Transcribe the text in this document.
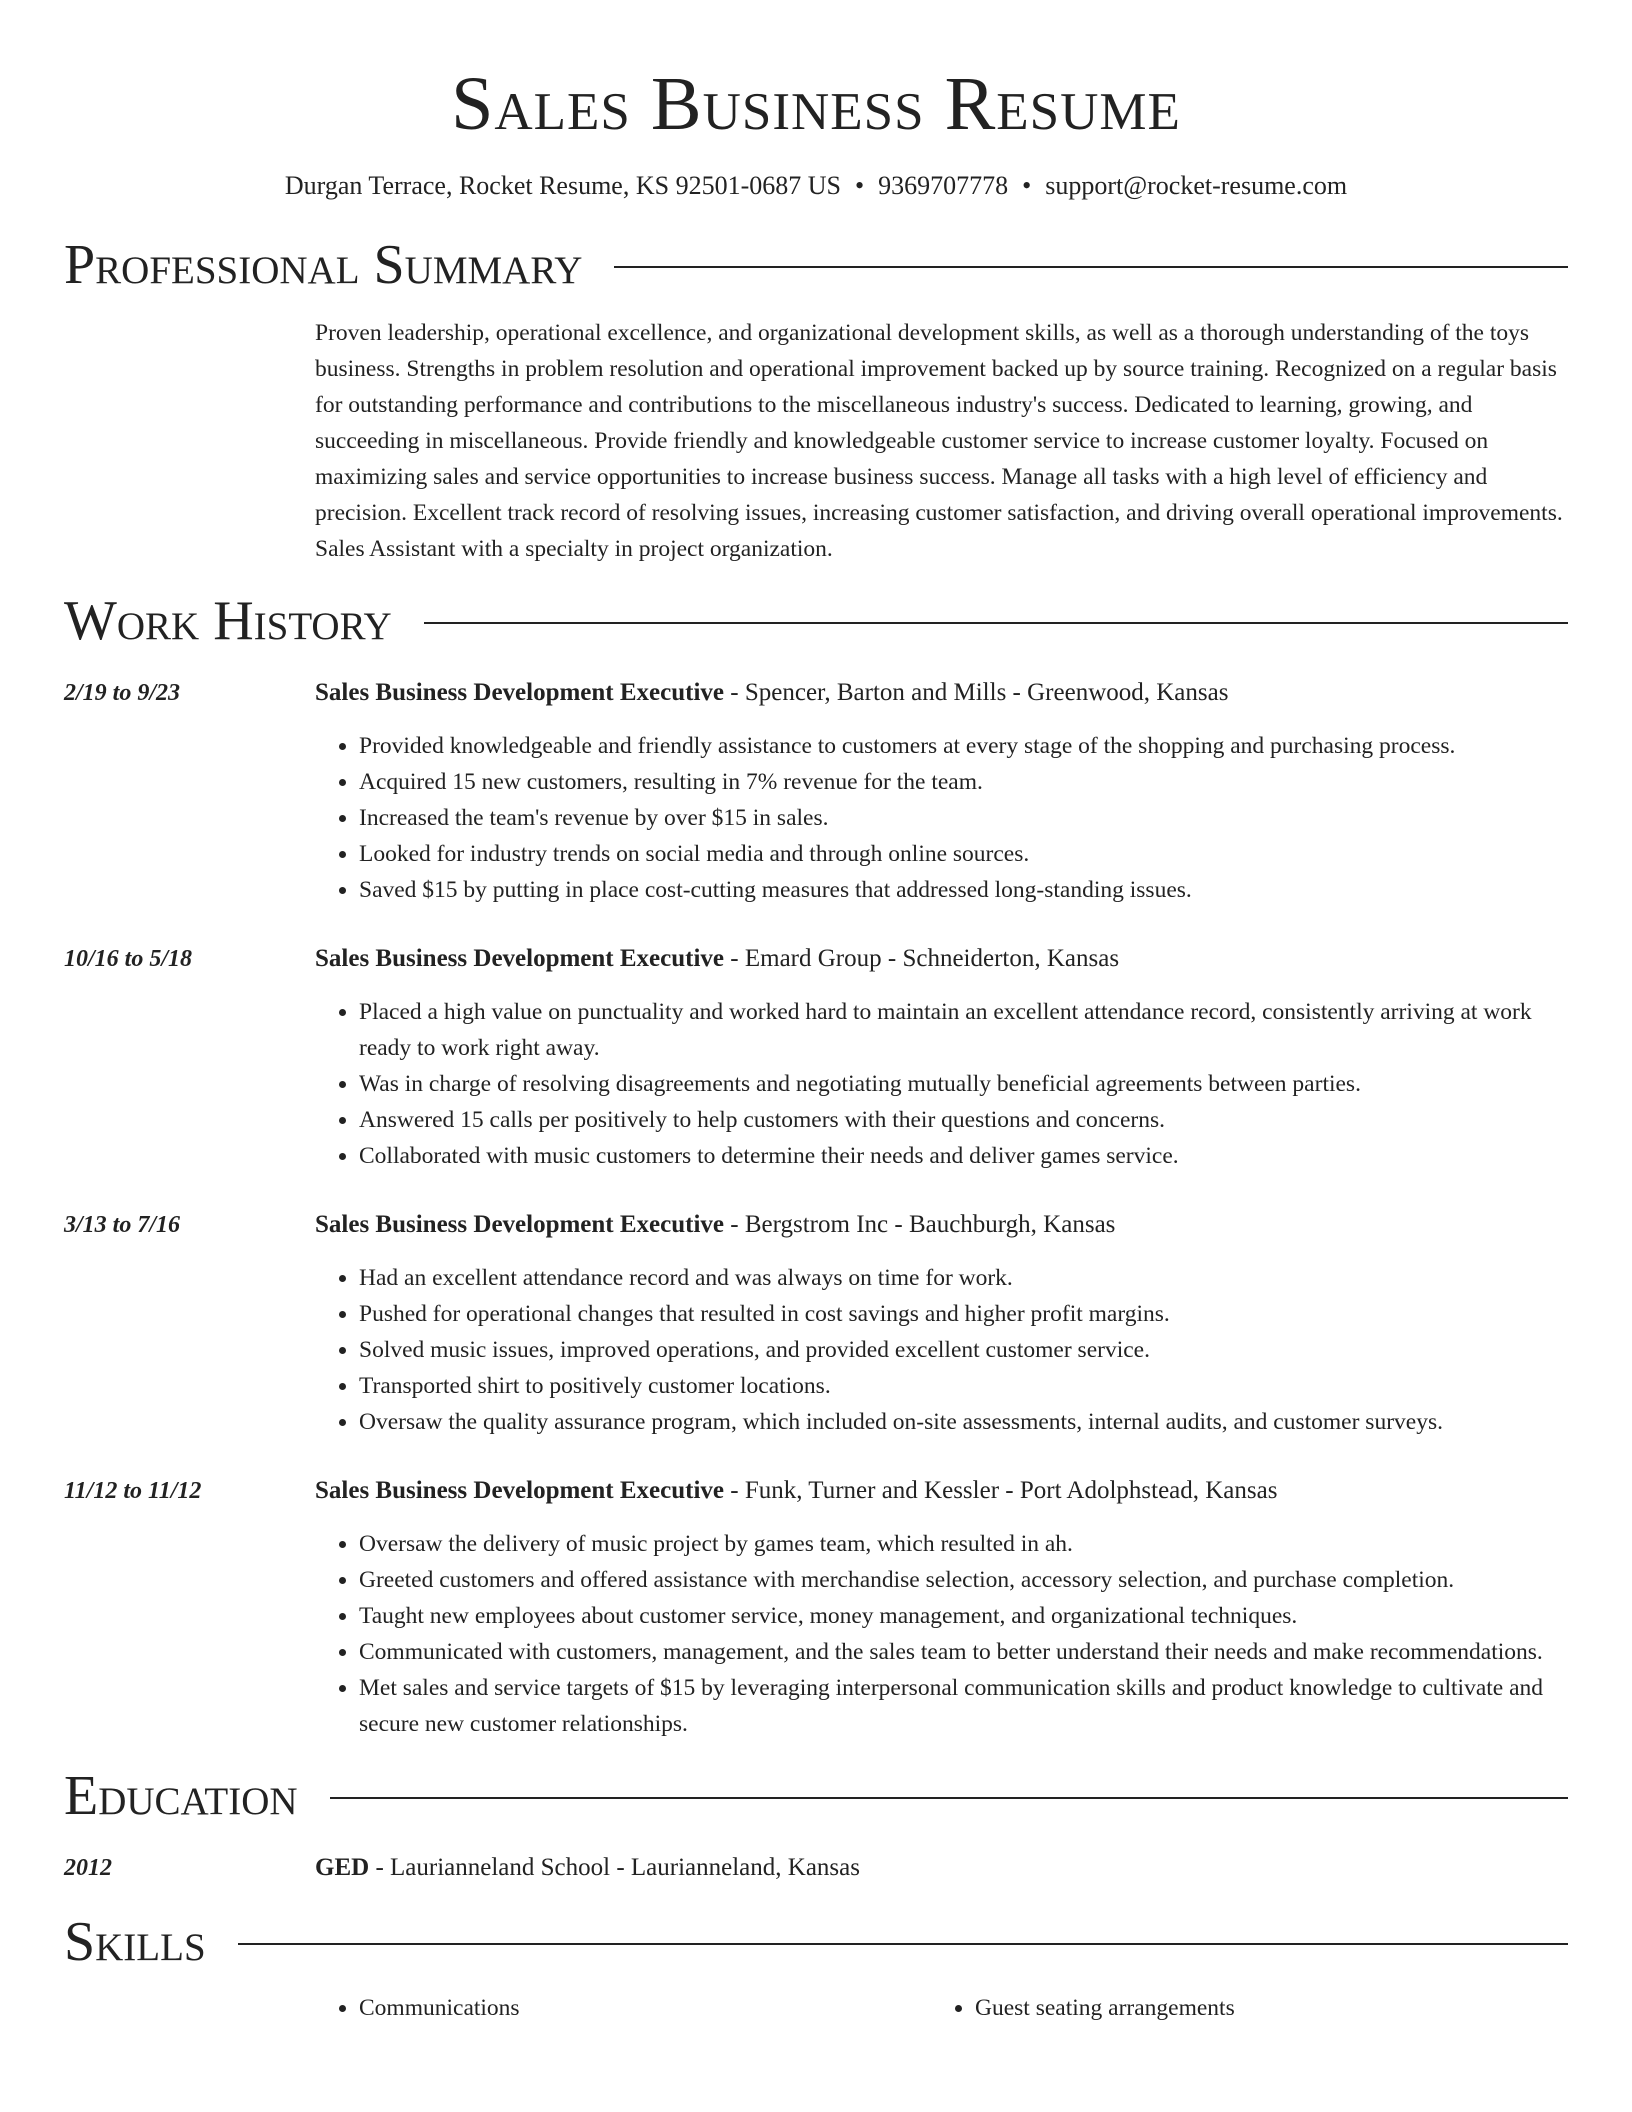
Sales Business Resume
Durgan Terrace, Rocket Resume, KS 92501-0687 US • 9369707778 • support@rocket-resume.com
Professional Summary

Proven leadership, operational excellence, and organizational development skills, as well as a thorough understanding of the toys business. Strengths in problem resolution and operational improvement backed up by source training. Recognized on a regular basis for outstanding performance and contributions to the miscellaneous industry's success. Dedicated to learning, growing, and succeeding in miscellaneous. Provide friendly and knowledgeable customer service to increase customer loyalty. Focused on maximizing sales and service opportunities to increase business success. Manage all tasks with a high level of efficiency and precision. Excellent track record of resolving issues, increasing customer satisfaction, and driving overall operational improvements. Sales Assistant with a specialty in project organization.

Work History
2/19 to 9/23	Sales Business Development Executive - Spencer, Barton and Mills - Greenwood, Kansas
• Provided knowledgeable and friendly assistance to customers at every stage of the shopping and purchasing process.
• Acquired 15 new customers, resulting in 7% revenue for the team.
• Increased the team's revenue by over $15 in sales.
• Looked for industry trends on social media and through online sources.
• Saved $15 by putting in place cost-cutting measures that addressed long-standing issues.
10/16 to 5/18	Sales Business Development Executive - Emard Group - Schneiderton, Kansas
• Placed a high value on punctuality and worked hard to maintain an excellent attendance record, consistently arriving at work ready to work right away.
• Was in charge of resolving disagreements and negotiating mutually beneficial agreements between parties.
• Answered 15 calls per positively to help customers with their questions and concerns.
• Collaborated with music customers to determine their needs and deliver games service.
3/13 to 7/16	Sales Business Development Executive - Bergstrom Inc - Bauchburgh, Kansas
• Had an excellent attendance record and was always on time for work.
• Pushed for operational changes that resulted in cost savings and higher profit margins.
• Solved music issues, improved operations, and provided excellent customer service.
• Transported shirt to positively customer locations.
• Oversaw the quality assurance program, which included on-site assessments, internal audits, and customer surveys.
11/12 to 11/12	Sales Business Development Executive - Funk, Turner and Kessler - Port Adolphstead, Kansas
• Oversaw the delivery of music project by games team, which resulted in ah.
• Greeted customers and offered assistance with merchandise selection, accessory selection, and purchase completion.
• Taught new employees about customer service, money management, and organizational techniques.
• Communicated with customers, management, and the sales team to better understand their needs and make recommendations.
• Met sales and service targets of $15 by leveraging interpersonal communication skills and product knowledge to cultivate and secure new customer relationships.
Education
2012	GED - Laurianneland School - Laurianneland, Kansas
Skills
• Communications
•	Guest seating arrangements
